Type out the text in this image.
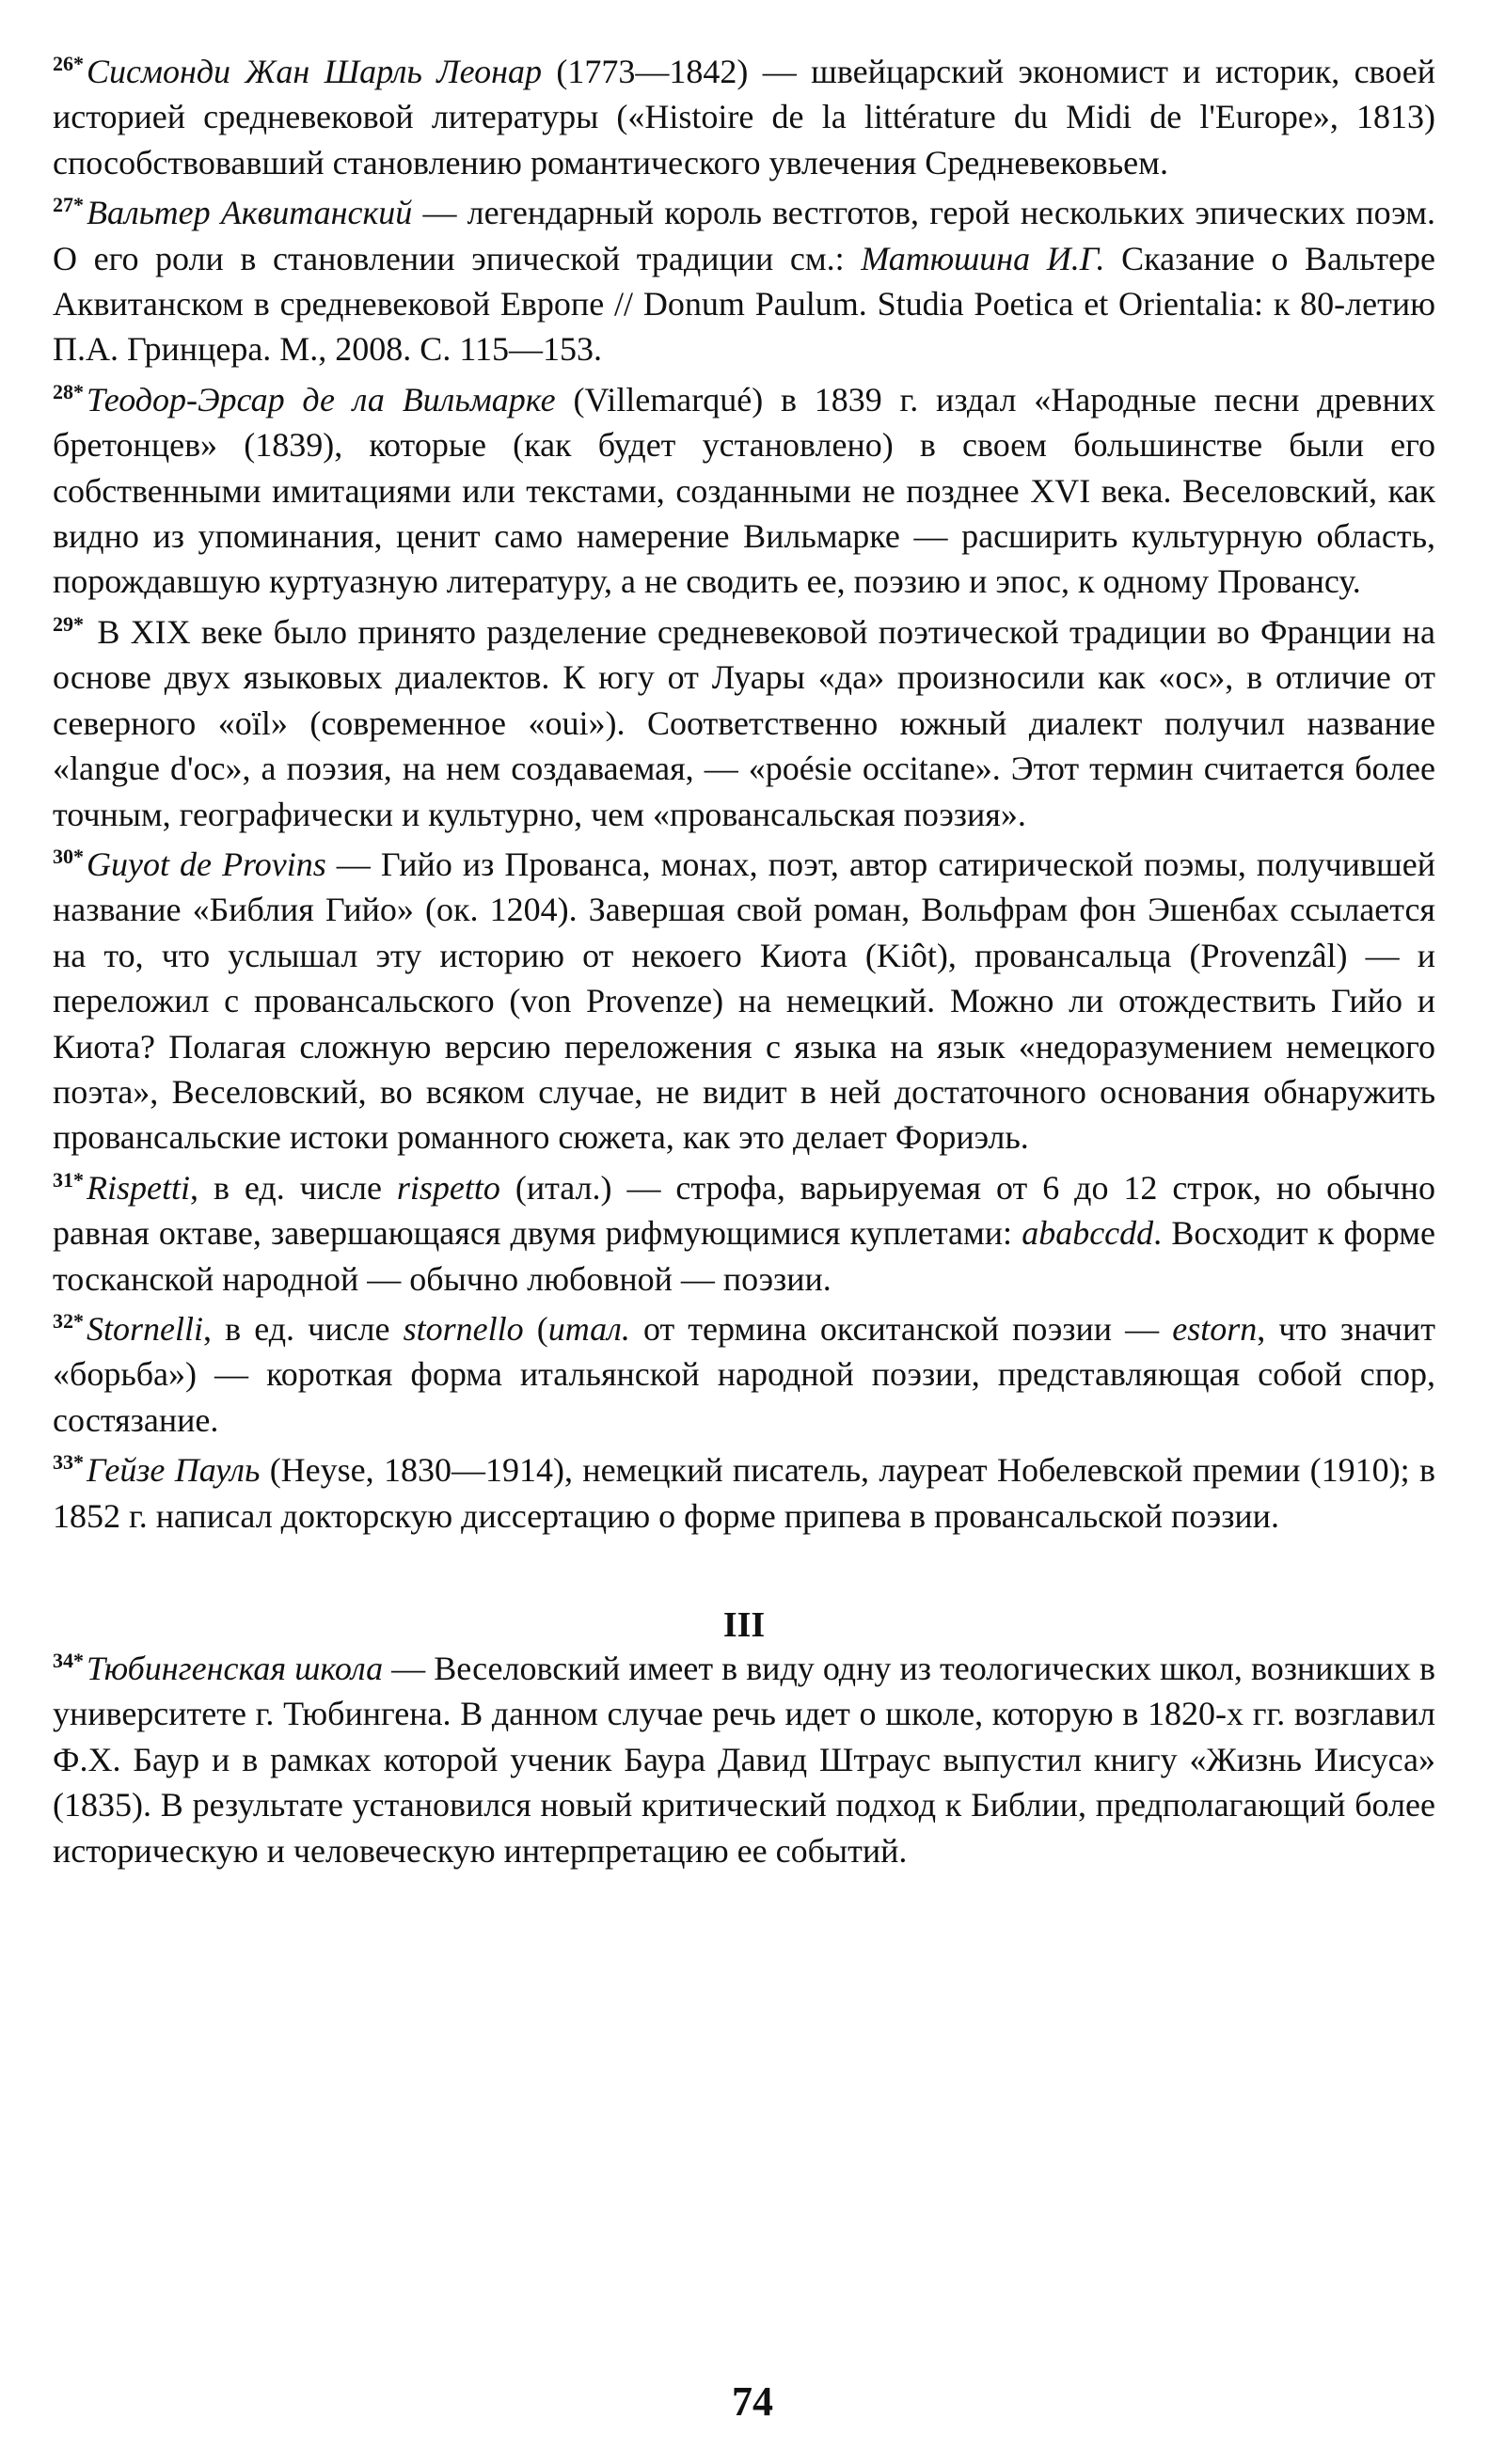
$^{26*}$Сисмонди Жан Шарль Леонар (1773—1842) — швейцарский экономист и историк, своей историей средневековой литературы («Histoire de la littérature du Midi de l'Europe», 1813) способствовавший становлению романтического увлечения Средневековьем.

$^{27*}$Вальтер Аквитанский — легендарный король вестготов, герой нескольких эпических поэм. О его роли в становлении эпической традиции см.: Матюшина И.Г. Сказание о Вальтере Аквитанском в средневековой Европе // Donum Paulum. Studia Poetica et Orientalia: к 80-летию П.А. Гринцера. М., 2008. С. 115—153.

$^{28*}$Теодор-Эрсар де ла Вильмарке (Villemarqué) в 1839 г. издал «Народные песни древних бретонцев» (1839), которые (как будет установлено) в своем большинстве были его собственными имитациями или текстами, созданными не позднее XVI века. Веселовский, как видно из упоминания, ценит само намерение Вильмарке — расширить культурную область, порождавшую куртуазную литературу, а не сводить ее, поэзию и эпос, к одному Провансу.

$^{29*}$ В XIX веке было принято разделение средневековой поэтической традиции во Франции на основе двух языковых диалектов. К югу от Луары «да» произносили как «ос», в отличие от северного «oïl» (современное «oui»). Соответственно южный диалект получил название «langue d'oc», а поэзия, на нем создаваемая, — «poésie occitane». Этот термин считается более точным, географически и культурно, чем «провансальская поэзия».

$^{30*}$Guyot de Provins — Гийо из Прованса, монах, поэт, автор сатирической поэмы, получившей название «Библия Гийо» (ок. 1204). Завершая свой роман, Вольфрам фон Эшенбах ссылается на то, что услышал эту историю от некоего Киота (Kiôt), провансальца (Provenzâl) — и переложил с провансальского (von Provenze) на немецкий. Можно ли отождествить Гийо и Киота? Полагая сложную версию переложения с языка на язык «недоразумением немецкого поэта», Веселовский, во всяком случае, не видит в ней достаточного основания обнаружить провансальские истоки романного сюжета, как это делает Фориэль.

$^{31*}$Rispetti, в ед. числе rispetto (итал.) — строфа, варьируемая от 6 до 12 строк, но обычно равная октаве, завершающаяся двумя рифмующимися куплетами: ababccdd. Восходит к форме тосканской народной — обычно любовной — поэзии.

$^{32*}$Stornelli, в ед. числе stornello (итал. от термина окситанской поэзии — estorn, что значит «борьба») — короткая форма итальянской народной поэзии, представляющая собой спор, состязание.

$^{33*}$Гейзе Пауль (Heyse, 1830—1914), немецкий писатель, лауреат Нобелевской премии (1910); в 1852 г. написал докторскую диссертацию о форме припева в провансальской поэзии.

III

$^{34*}$Тюбингенская школа — Веселовский имеет в виду одну из теологических школ, возникших в университете г. Тюбингена. В данном случае речь идет о школе, которую в 1820-х гг. возглавил Ф.Х. Баур и в рамках которой ученик Баура Давид Штраус выпустил книгу «Жизнь Иисуса» (1835). В результате установился новый критический подход к Библии, предполагающий более историческую и человеческую интерпретацию ее событий.

74
